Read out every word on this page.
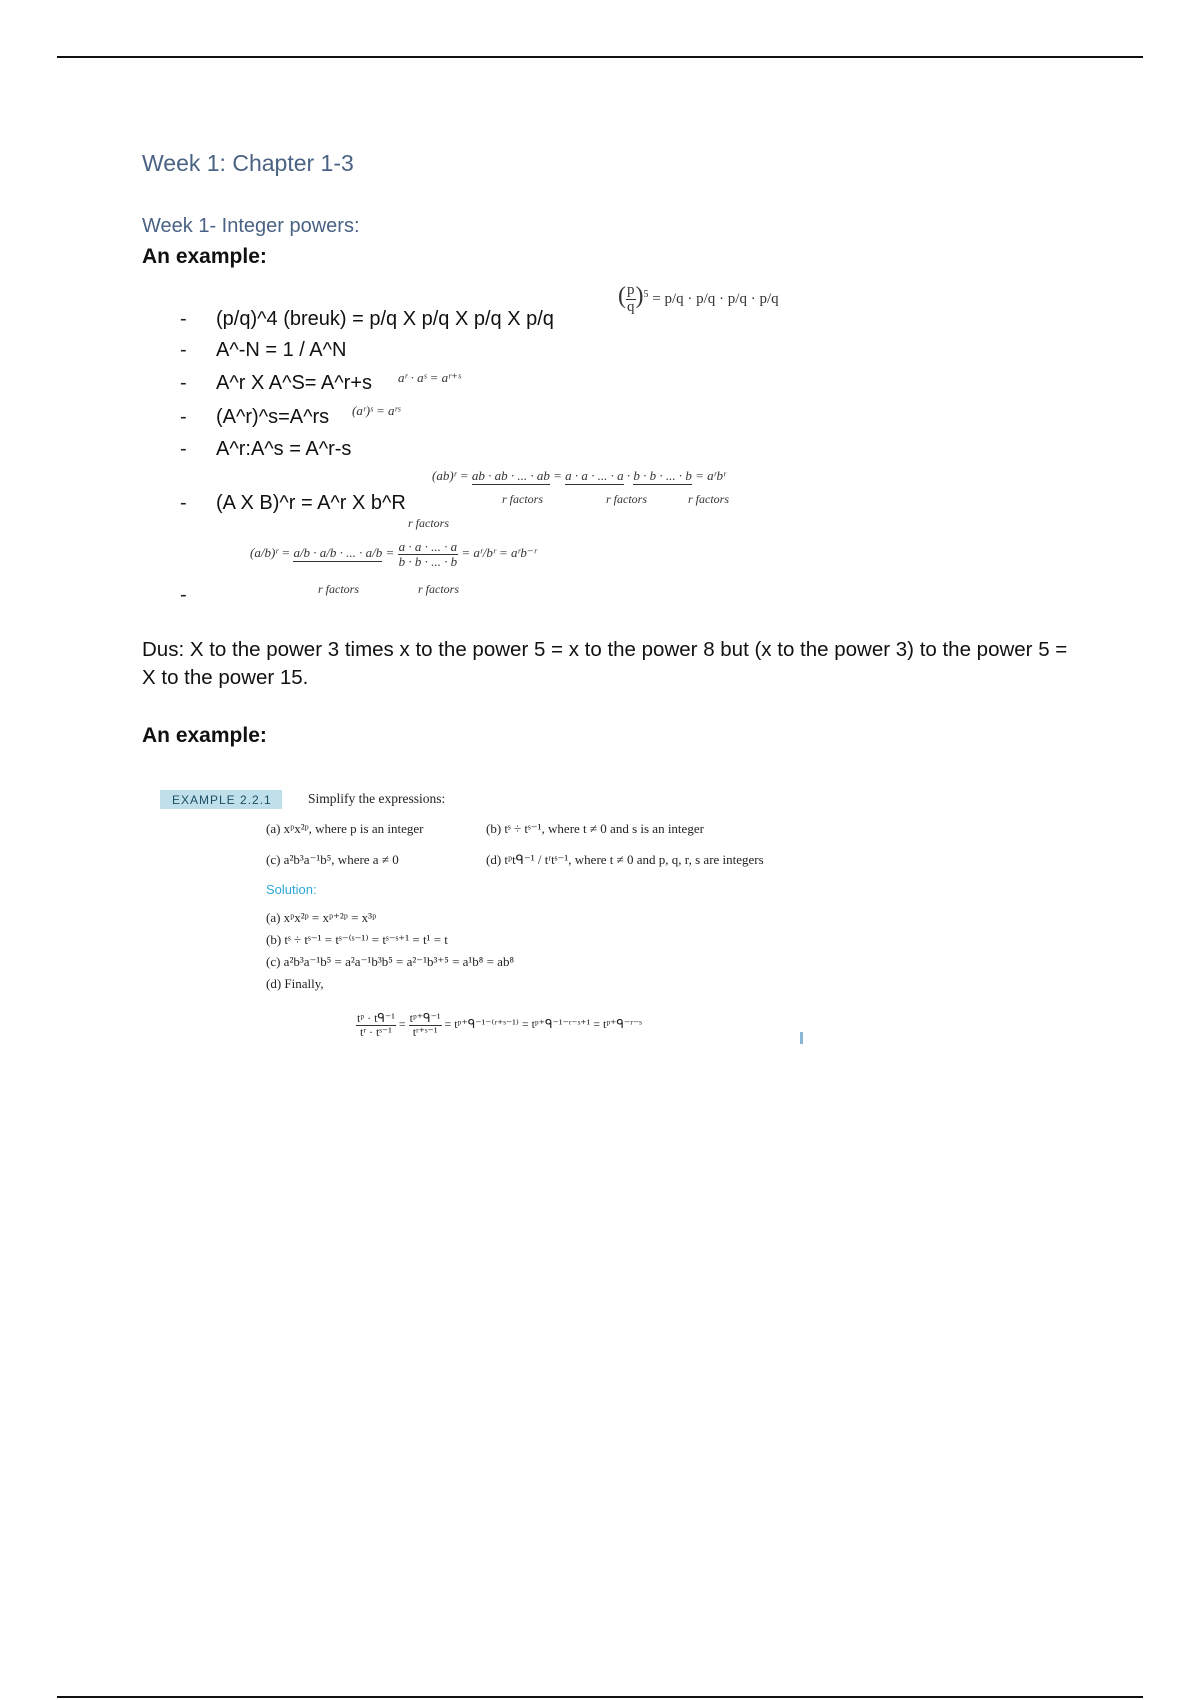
Week 1: Chapter 1-3
Week 1- Integer powers:
An example:
- (p/q)^4 (breuk) = p/q X p/q X p/q X p/q
- A^-N = 1 / A^N
- A^r X A^S= A^r+s
- (A^r)^s=A^rs
- A^r:A^s = A^r-s
- (A X B)^r = A^r X b^R
-
( $\frac{p}{q} )^5 = p/q \cdot p/q \cdot p/q \cdot p/q$
aʳ · aˢ = aʳ⁺ˢ
(aʳ)ˢ = aʳˢ
(ab)ʳ = ab · ab · ... · ab = a · a · ... · a · b · b · ... · b = aʳbʳ
r factors	r factors	r factors
r factors
(a/b)ʳ = a/b · a/b · ... · $a/b = \frac{a \cdot a \cdot ... \cdot a}{b \cdot b \cdot ... \cdot b}$ = aʳ/bʳ = aʳb⁻ʳ
r factors	r factors
Dus: X to the power 3 times x to the power 5 = x to the power 8 but (x to the power 3) to the power 5 = X to the power 15.
An example:
EXAMPLE 2.2.1	Simplify the expressions:
(a) xᵖx²ᵖ, where p is an integer	(b) tˢ ÷ tˢ⁻¹, where t ≠ 0 and s is an integer
(c) a²b³a⁻¹b⁵, where a ≠ 0	(d) tᵖtᑫ⁻¹ / tʳtˢ⁻¹, where t ≠ 0 and p, q, r, s are integers
Solution:
(a) xᵖx²ᵖ = xᵖ⁺²ᵖ = x³ᵖ
(b) tˢ ÷ tˢ⁻¹ = tˢ⁻⁽ˢ⁻¹⁾ = tˢ⁻ˢ⁺¹ = t¹ = t
(c) a²b³a⁻¹b⁵ = a²a⁻¹b³b⁵ = a²⁻¹b³⁺⁵ = a¹b⁸ = ab⁸
(d) Finally,
$\frac{\text{tᵖ · tᑫ⁻¹}}{\text{tʳ · tˢ⁻¹}} = \frac{\text{tᵖ⁺ᑫ⁻¹}}{\text{tʳ⁺ˢ⁻¹}}$ = tᵖ⁺ᑫ⁻¹⁻⁽ʳ⁺ˢ⁻¹⁾ = tᵖ⁺ᑫ⁻¹⁻ʳ⁻ˢ⁺¹ = tᵖ⁺ᑫ⁻ʳ⁻ˢ
